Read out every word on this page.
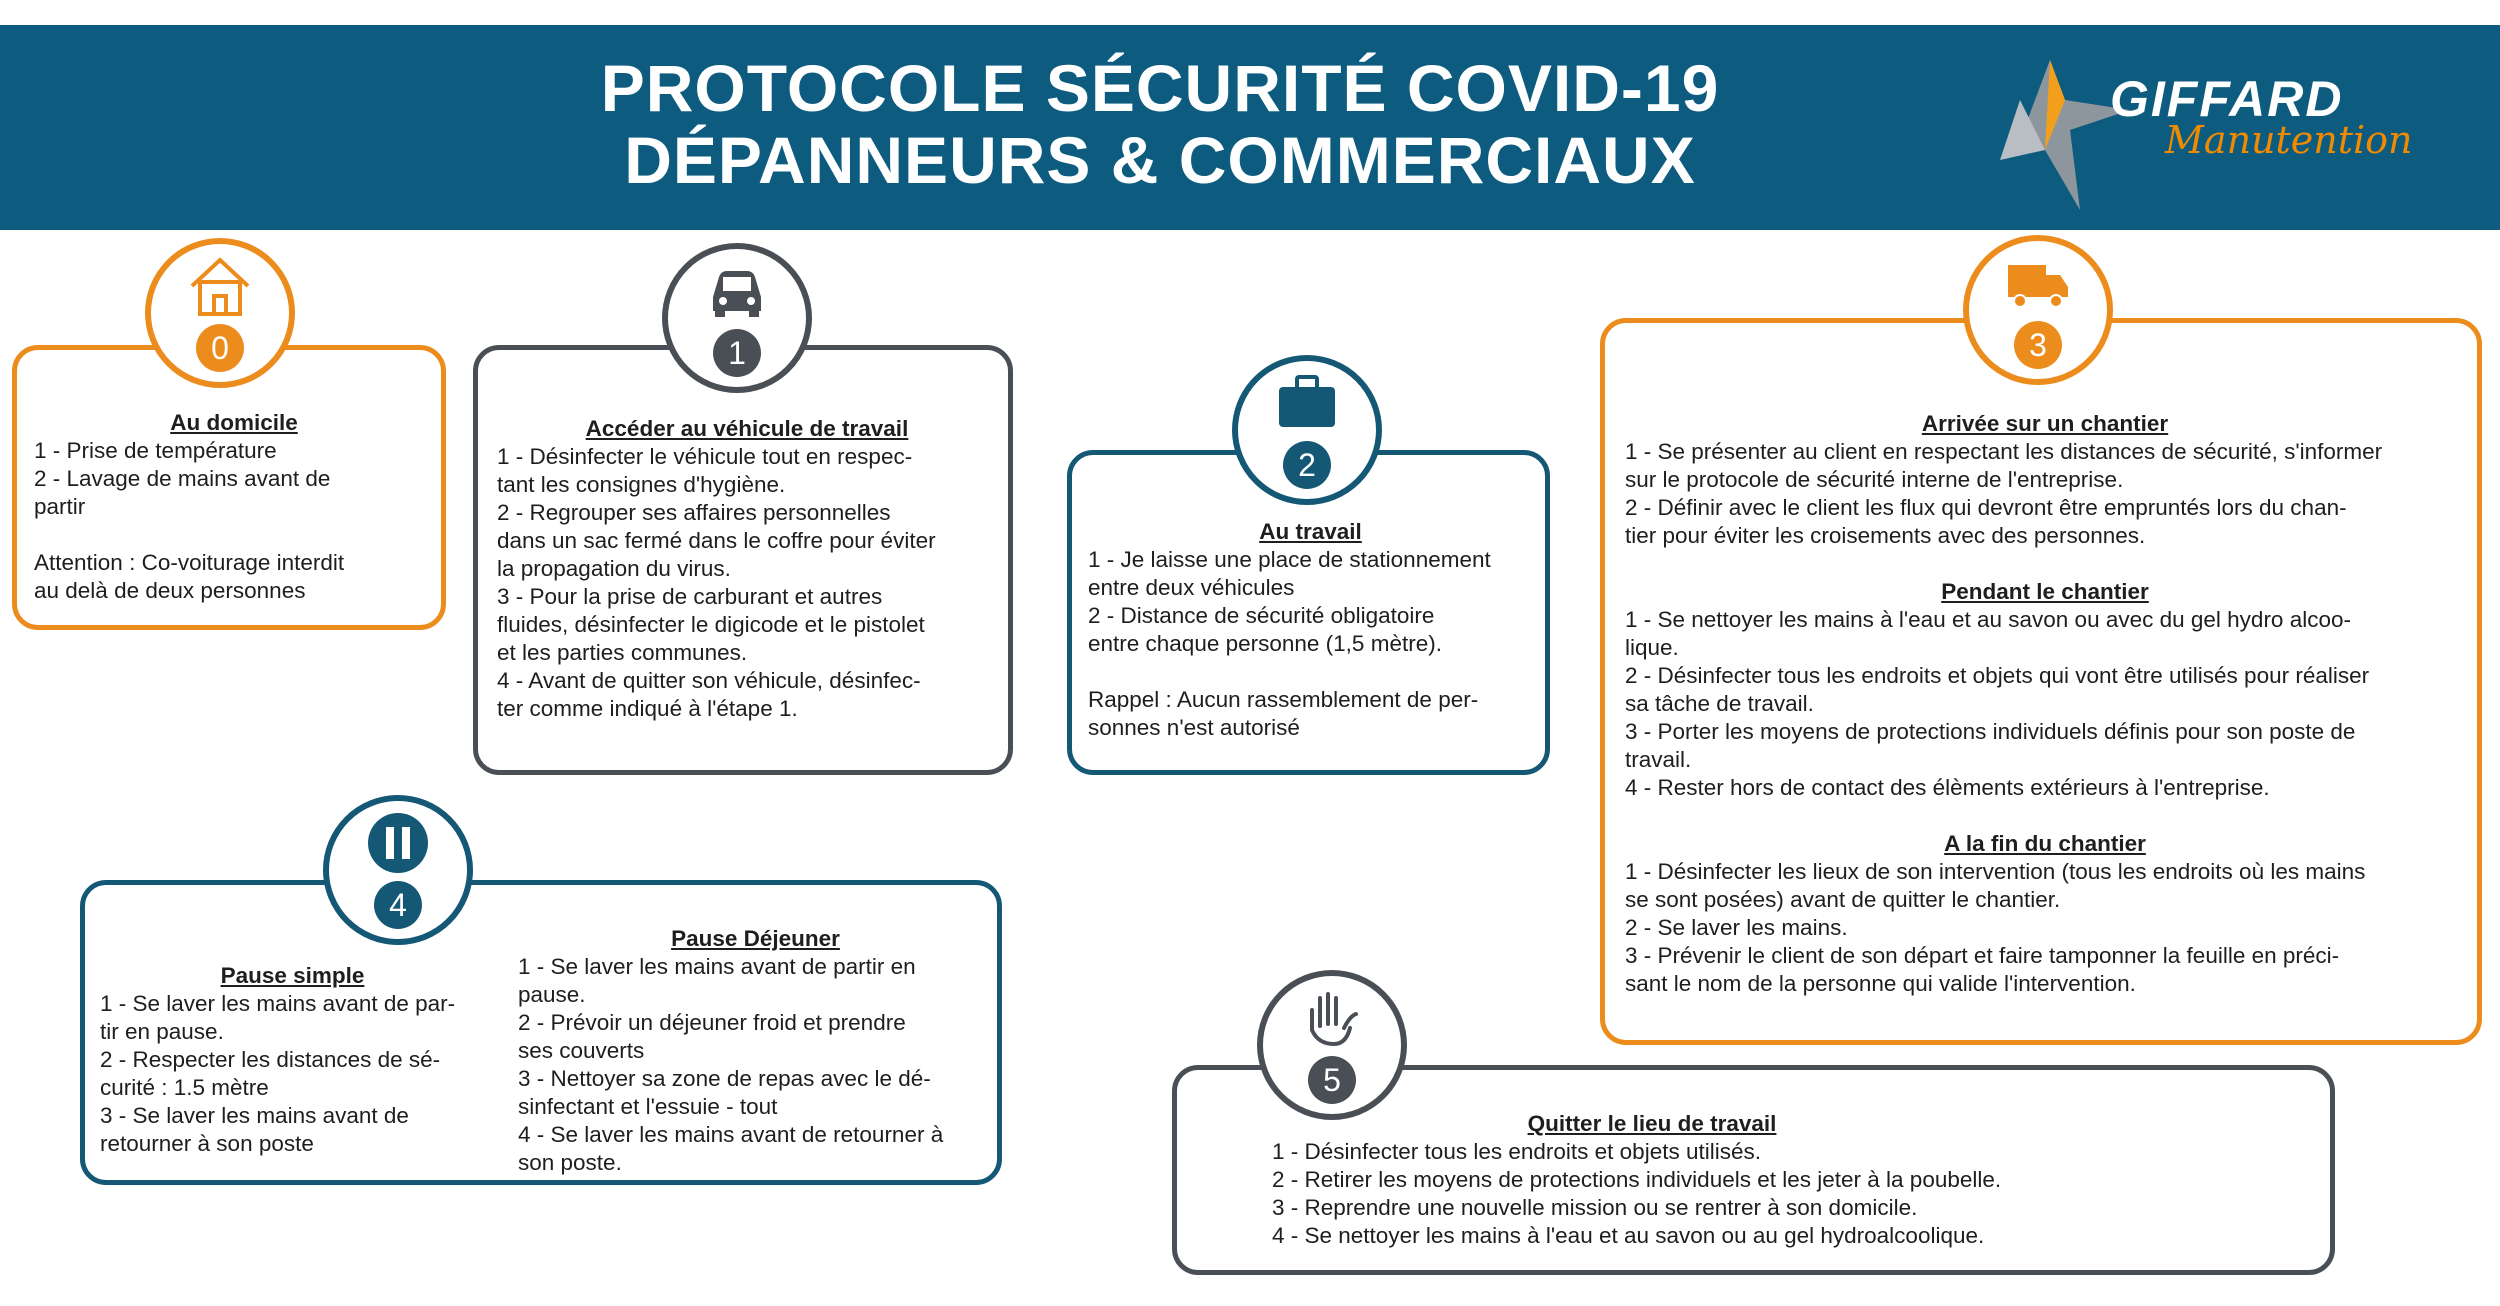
PROTOCOLE SÉCURITÉ COVID-19
DÉPANNEURS & COMMERCIAUX
GIFFARD
Manutention
0
Au domicile
1 - Prise de température
2 - Lavage de mains avant de
partir
Attention : Co-voiturage interdit
au delà de deux personnes
1
Accéder au véhicule de travail
1 - Désinfecter le véhicule tout en respec-
tant les consignes d'hygiène.
2 - Regrouper ses affaires personnelles
dans un sac fermé dans le coffre pour éviter
la propagation du virus.
3 - Pour la prise de carburant et autres
fluides, désinfecter le digicode et le pistolet
et les parties communes.
4 - Avant de quitter son véhicule, désinfec-
ter comme indiqué à l'étape 1.
2
Au travail
1 - Je laisse une place de stationnement
entre deux véhicules
2 - Distance de sécurité obligatoire
entre chaque personne (1,5 mètre).
Rappel : Aucun rassemblement de per-
sonnes n'est autorisé
3
Arrivée sur un chantier
1 - Se présenter au client en respectant les distances de sécurité, s'informer
sur le protocole de sécurité interne de l'entreprise.
2 - Définir avec le client les flux qui devront être empruntés lors du chan-
tier pour éviter les croisements avec des personnes.
Pendant le chantier
1 - Se nettoyer les mains à l'eau et au savon ou avec du gel hydro alcoo-
lique.
2 - Désinfecter tous les endroits et objets qui vont être utilisés pour réaliser
sa tâche de travail.
3 - Porter les moyens de protections individuels définis pour son poste de
travail.
4 - Rester hors de contact des élèments extérieurs à l'entreprise.
A la fin du chantier
1 - Désinfecter les lieux de son intervention (tous les endroits où les mains
se sont posées) avant de quitter le chantier.
2 - Se laver les mains.
3 - Prévenir le client de son départ et faire tamponner la feuille en préci-
sant le nom de la personne qui valide l'intervention.
4
Pause simple
1 - Se laver les mains avant de par-
tir en pause.
2 - Respecter les distances de sé-
curité : 1.5 mètre
3 - Se laver les mains avant de
retourner à son poste
Pause Déjeuner
1 - Se laver les mains avant de partir en
pause.
2 - Prévoir un déjeuner froid et prendre
ses couverts
3 - Nettoyer sa zone de repas avec le dé-
sinfectant et l'essuie - tout
4 - Se laver les mains avant de retourner à
son poste.
5
Quitter le lieu de travail
1 - Désinfecter tous les endroits et objets utilisés.
2 - Retirer les moyens de protections individuels et les jeter à la poubelle.
3 - Reprendre une nouvelle mission ou se rentrer à son domicile.
4 - Se nettoyer les mains à l'eau et au savon ou au gel hydroalcoolique.
